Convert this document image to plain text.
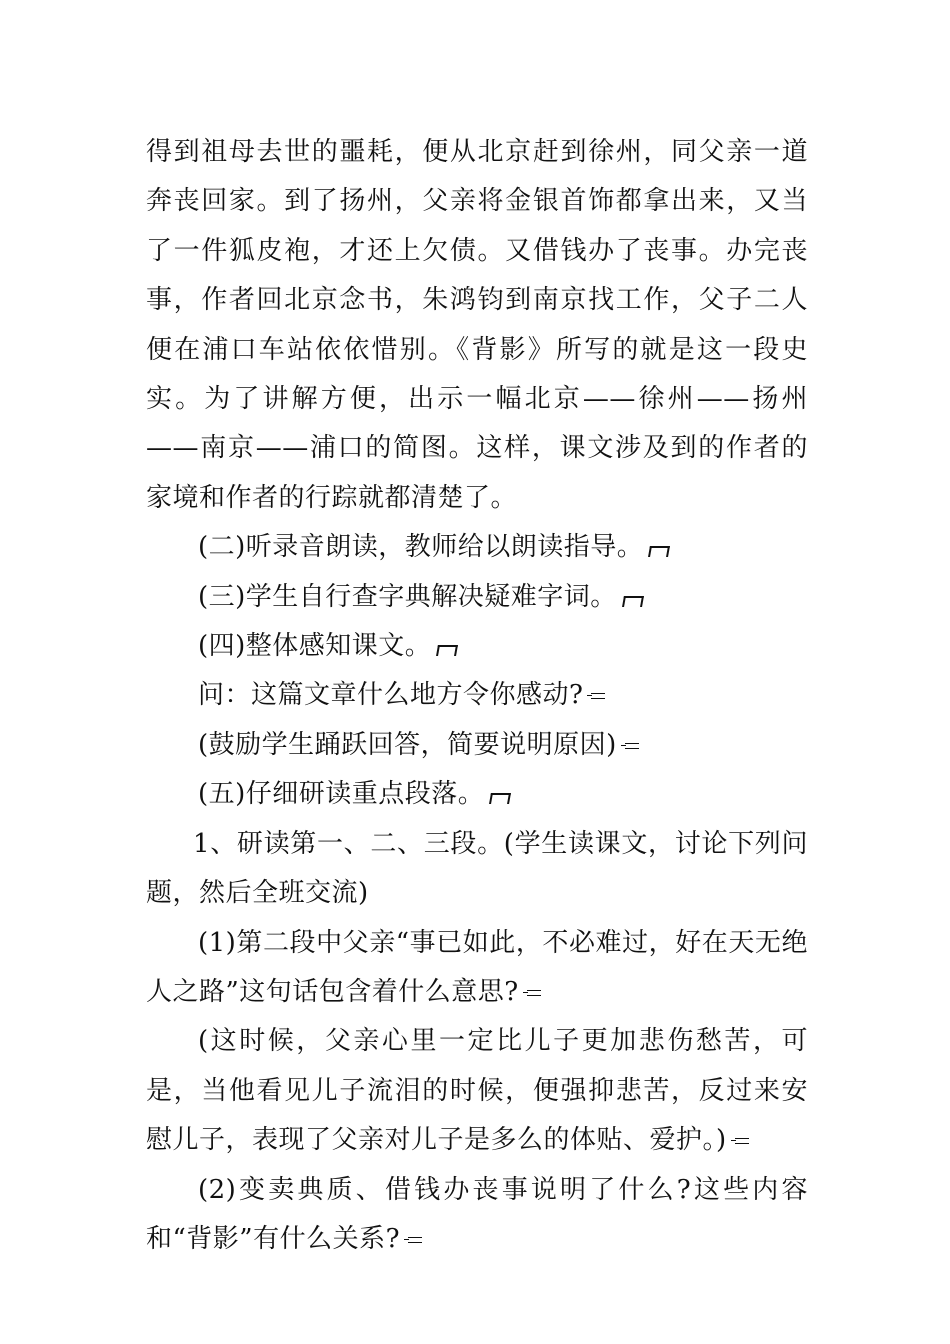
得到祖母去世的噩耗，便从北京赶到徐州，同父亲一道奔丧回家。到了扬州，父亲将金银首饰都拿出来，又当了一件狐皮袍，才还上欠债。又借钱办了丧事。办完丧事，作者回北京念书，朱鸿钧到南京找工作，父子二人便在浦口车站依依惜别。《背影》所写的就是这一段史实。为了讲解方便，出示一幅北京——徐州——扬州——南京——浦口的简图。这样，课文涉及到的作者的家境和作者的行踪就都清楚了。

(二)听录音朗读，教师给以朗读指导。

(三)学生自行查字典解决疑难字词。

(四)整体感知课文。

问：这篇文章什么地方令你感动?

(鼓励学生踊跃回答，简要说明原因)

(五)仔细研读重点段落。

1、研读第一、二、三段。(学生读课文，讨论下列问题，然后全班交流)

(1)第二段中父亲“事已如此，不必难过，好在天无绝人之路”这句话包含着什么意思?

(这时候，父亲心里一定比儿子更加悲伤愁苦，可是，当他看见儿子流泪的时候，便强抑悲苦，反过来安慰儿子，表现了父亲对儿子是多么的体贴、爱护。)

(2)变卖典质、借钱办丧事说明了什么?这些内容和“背影”有什么关系?
